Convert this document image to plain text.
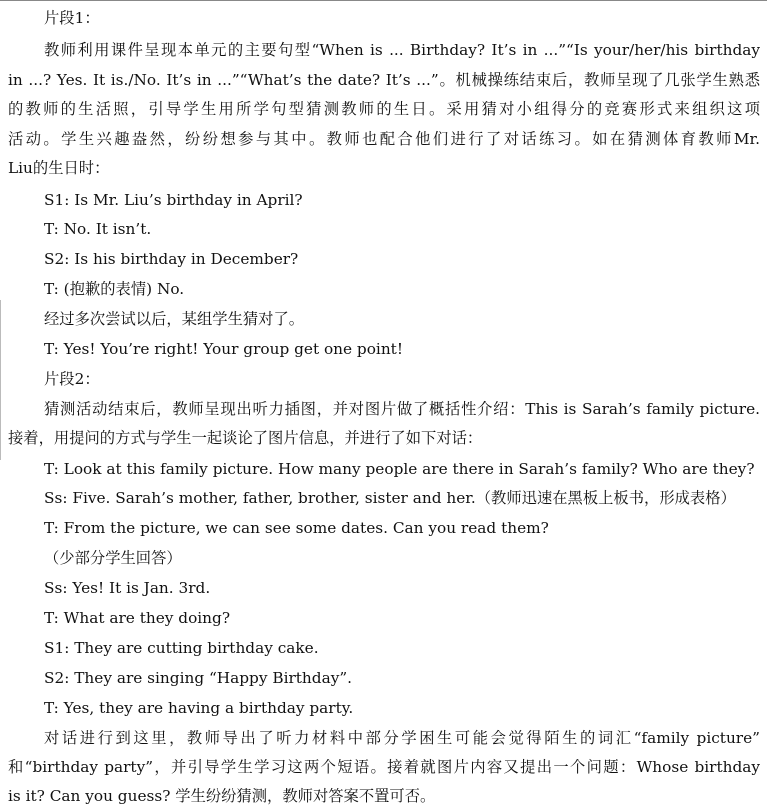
片段1：
教师利用课件呈现本单元的主要句型“When is ... Birthday? It’s in ...”“Is your/her/his birthday
in ...? Yes. It is./No. It’s in ...”“What’s the date? It’s ...”。机械操练结束后，教师呈现了几张学生熟悉
的教师的生活照，引导学生用所学句型猜测教师的生日。采用猜对小组得分的竞赛形式来组织这项
活动。学生兴趣盎然，纷纷想参与其中。教师也配合他们进行了对话练习。如在猜测体育教师Mr.
Liu的生日时：
S1: Is Mr. Liu’s birthday in April?
T: No. It isn’t.
S2: Is his birthday in December?
T: (抱歉的表情) No.
经过多次尝试以后，某组学生猜对了。
T: Yes! You’re right! Your group get one point!
片段2：
猜测活动结束后，教师呈现出听力插图，并对图片做了概括性介绍：This is Sarah’s family picture.
接着，用提问的方式与学生一起谈论了图片信息，并进行了如下对话：
T: Look at this family picture. How many people are there in Sarah’s family? Who are they?
Ss: Five. Sarah’s mother, father, brother, sister and her.（教师迅速在黑板上板书，形成表格）
T: From the picture, we can see some dates. Can you read them?
（少部分学生回答）
Ss: Yes! It is Jan. 3rd.
T: What are they doing?
S1: They are cutting birthday cake.
S2: They are singing “Happy Birthday”.
T: Yes, they are having a birthday party.
对话进行到这里，教师导出了听力材料中部分学困生可能会觉得陌生的词汇“family picture”
和“birthday party”，并引导学生学习这两个短语。接着就图片内容又提出一个问题：Whose birthday
is it? Can you guess? 学生纷纷猜测，教师对答案不置可否。
